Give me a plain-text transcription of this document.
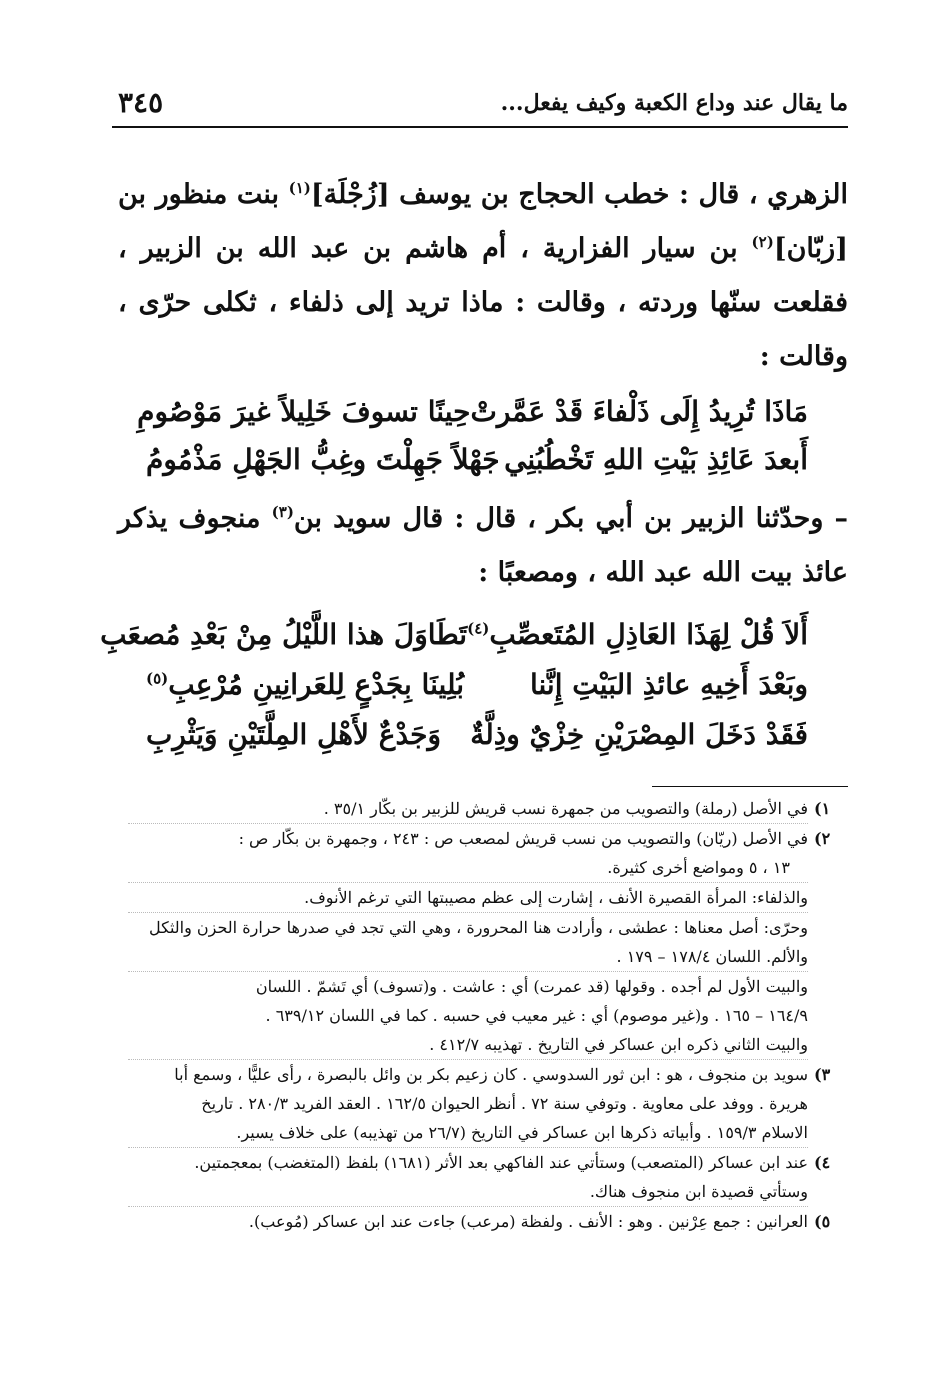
ما يقال عند وداع الكعبة وكيف يفعل...
٣٤٥

الزهري ، قال : خطب الحجاج بن يوسف [زُجْلَة]$^{(١)}$ بنت منظور بن [زبّان]$^{(٢)}$ بن سيار الفزارية ، أم هاشم بن عبد الله بن الزبير ، فقلعت سنّها وردته ، وقالت : ماذا تريد إلى ذلفاء ، ثكلى حرّى ، وقالت :

مَاذَا تُرِيدُ إِلَى ذَلْفاءَ قَدْ عَمَّرتْ
حِينًا تسوفَ خَلِيلاً غيرَ مَوْصُومِ
أَبعدَ عَائِذِ بَيْتِ اللهِ تَخْطُبُنِي
جَهْلاً جَهِلْتَ وغِبُّ الجَهْلِ مَذْمُومُ

– وحدّثنا الزبير بن أبي بكر ، قال : قال سويد بن$^{(٣)}$ منجوف يذكر عائذ بيت الله عبد الله ، ومصعبًا :

أَلاَ قُلْ لِهَذَا العَاذِلِ المُتَعصِّبِ$^{(٤)}$
تَطَاوَلَ هذا اللَّيْلُ مِنْ بَعْدِ مُصعَبِ
وبَعْدَ أَخِيهِ عائذِ البَيْتِ إِنَّنا
بُلِينَا بِجَدْعٍ لِلعَرانِينِ مُرْعِبِ$^{(٥)}$
فَقَدْ دَخَلَ المِصْرَيْنِ خِزْيٌ وذِلَّةٌ
وَجَدْعٌ لأَهْلِ المِلَّتَيْنِ وَيَثْرِبِ
١)
في الأصل (رملة) والتصويب من جمهرة نسب قريش للزبير بن بكّار ٣٥/١ .
٢)
في الأصل (ريّان) والتصويب من نسب قريش لمصعب ص : ٢٤٣ ، وجمهرة بن بكّار ص :
١٣ ، ٥ ومواضع أخرى كثيرة.
والذلفاء: المرأة القصيرة الأنف ، إشارت إلى عظم مصيبتها التي ترغم الأنوف.
وحرّى: أصل معناها : عطشى ، وأرادت هنا المحرورة ، وهي التي تجد في صدرها حرارة الحزن والثكل
والألم. اللسان ١٧٨/٤ – ١٧٩ .
والبيت الأول لم أجده . وقولها (قد عمرت) أي : عاشت . و(تسوف) أي تَشمّ . اللسان
١٦٤/٩ – ١٦٥ . و(غير موصوم) أي : غير معيب في حسبه . كما في اللسان ٦٣٩/١٢ .
والبيت الثاني ذكره ابن عساكر في التاريخ . تهذيبه ٤١٢/٧ .
٣)
سويد بن منجوف ، هو : ابن ثور السدوسي . كان زعيم بكر بن وائل بالبصرة ، رأى عليًّا ، وسمع أبا
هريرة . ووفد على معاوية . وتوفي سنة ٧٢ . أنظر الحيوان ١٦٢/٥ . العقد الفريد ٢٨٠/٣ . تاريخ
الاسلام ١٥٩/٣ . وأبياته ذكرها ابن عساكر في التاريخ (٢٦/٧ من تهذيبه) على خلاف يسير.
٤)
عند ابن عساكر (المتصعب) وستأتي عند الفاكهي بعد الأثر (١٦٨١) بلفظ (المتغضب) بمعجمتين.
وستأتي قصيدة ابن منجوف هناك.
٥)
العرانين : جمع عِرْنين . وهو : الأنف . ولفظة (مرعب) جاءت عند ابن عساكر (مُوعب).
